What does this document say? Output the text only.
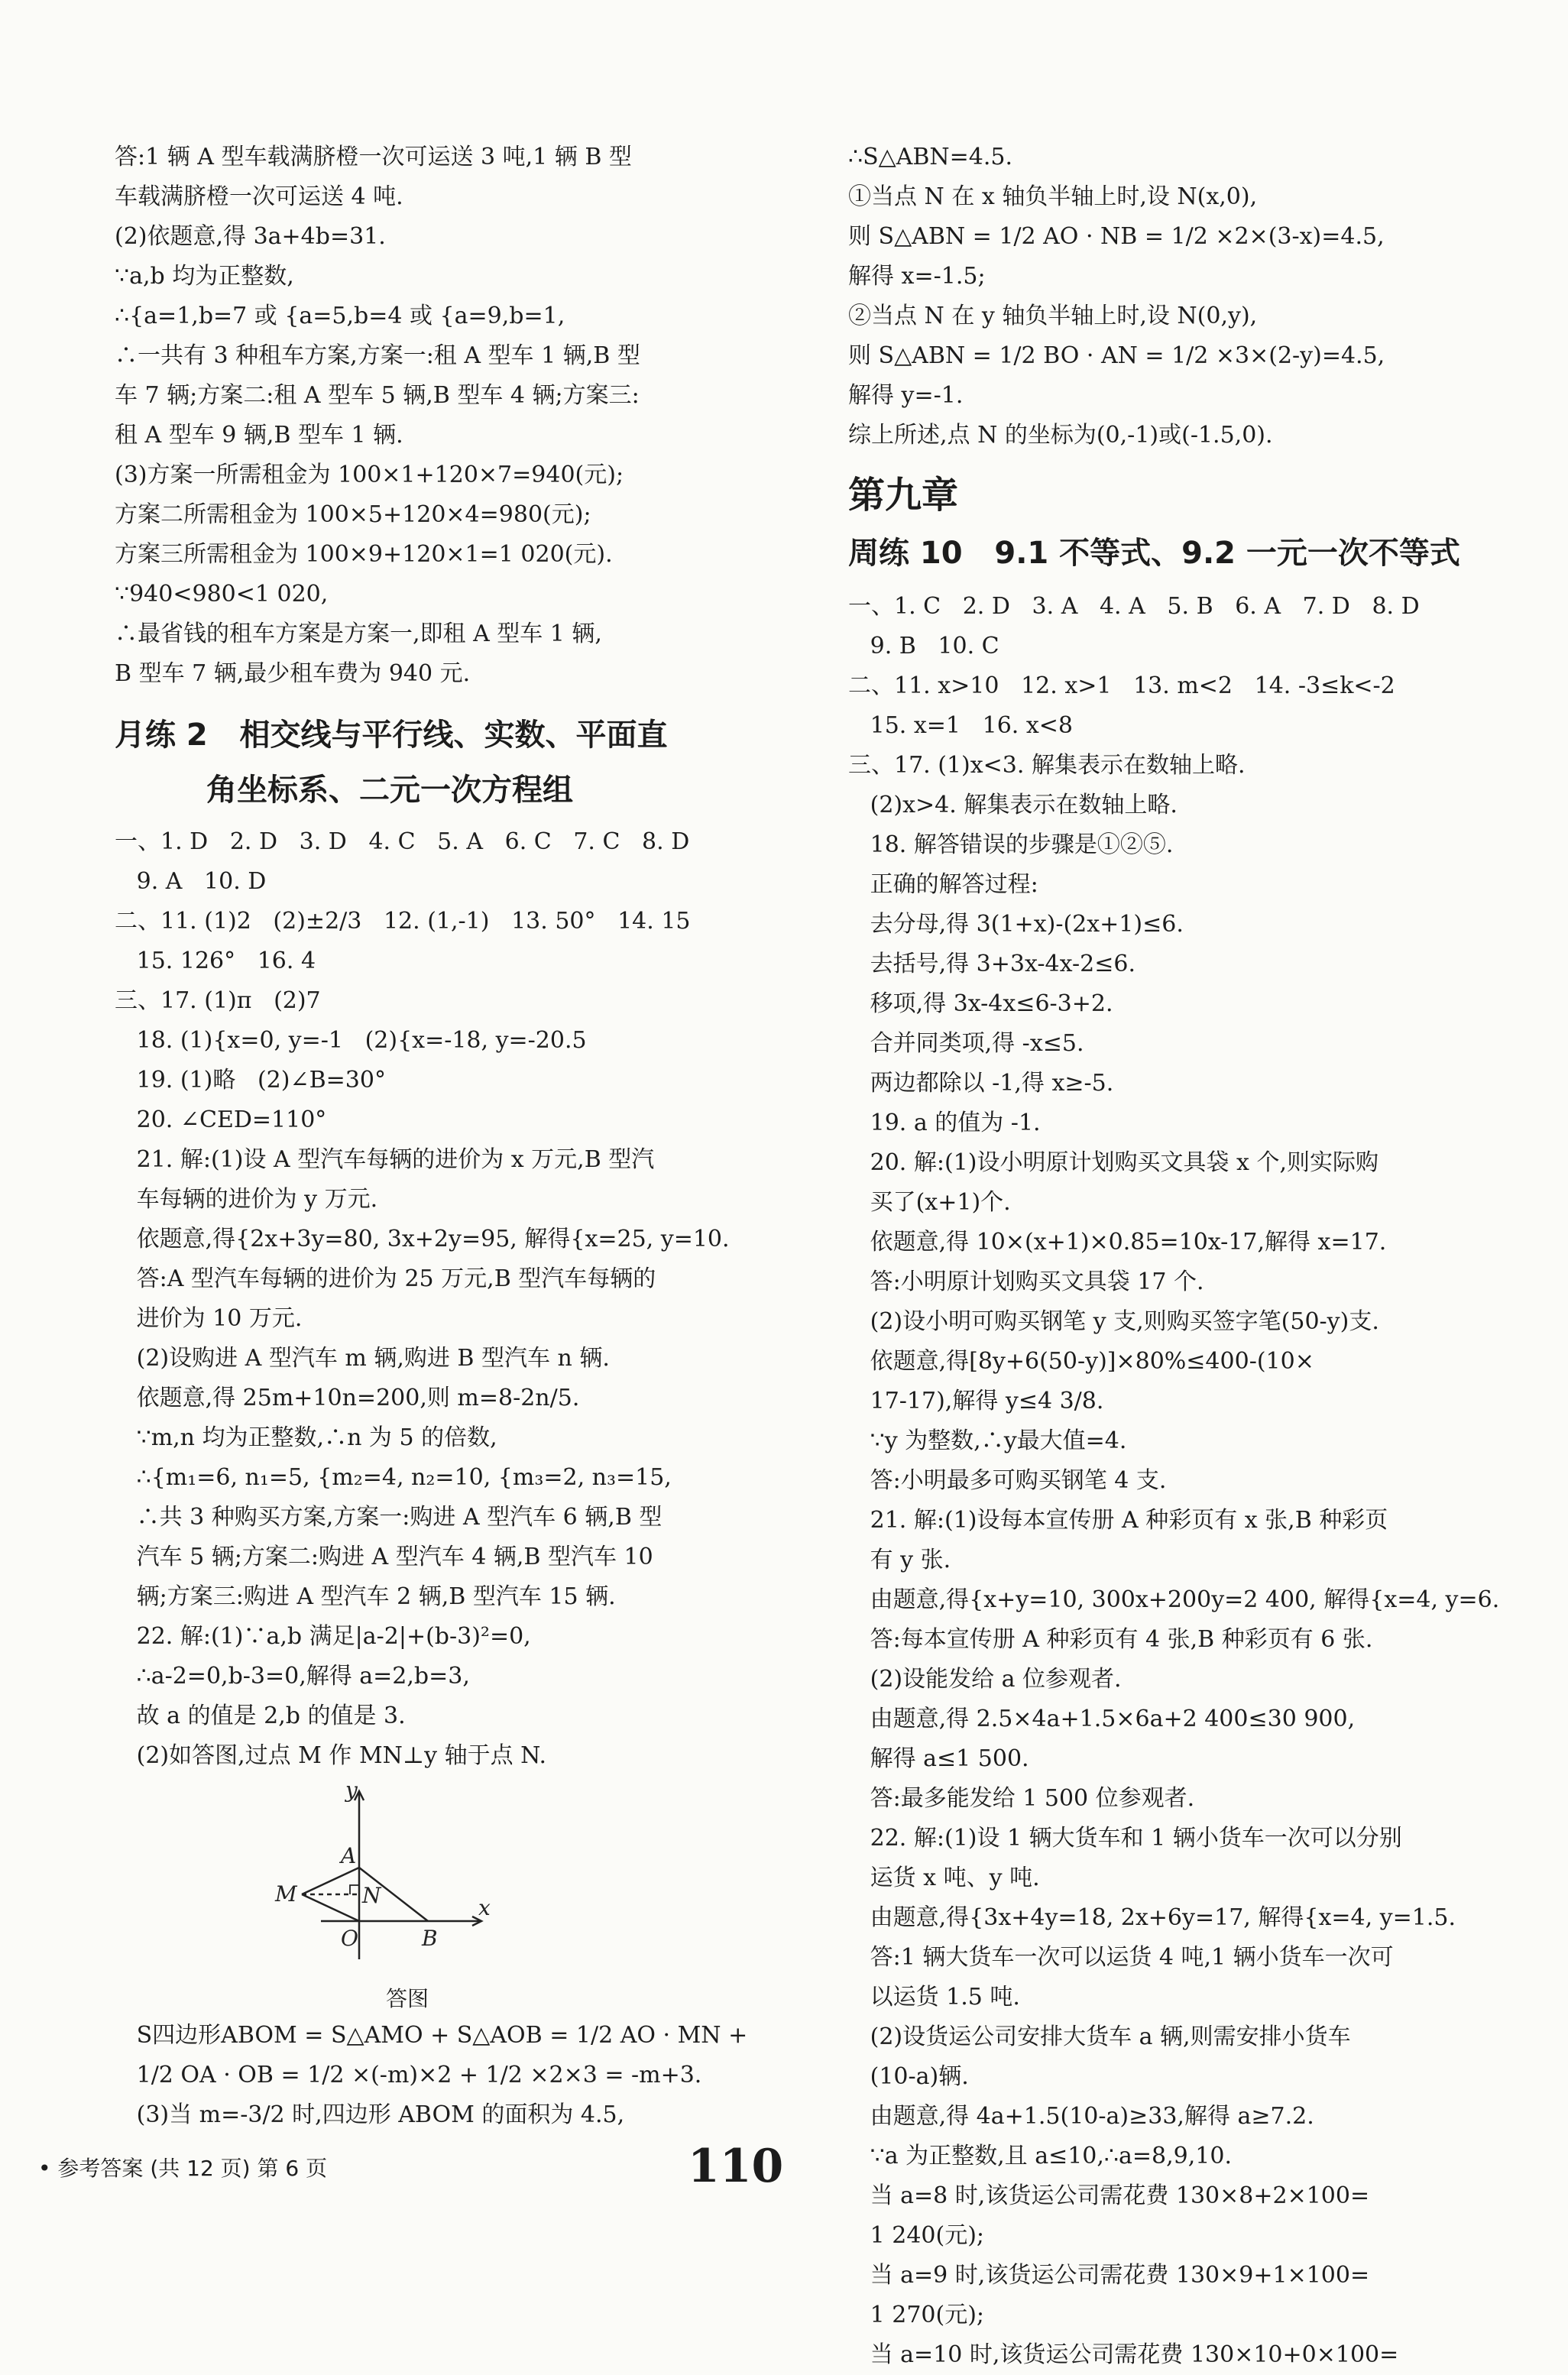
答:1 辆 A 型车载满脐橙一次可运送 3 吨,1 辆 B 型
车载满脐橙一次可运送 4 吨.
(2)依题意,得 3a+4b=31.
∵a,b 均为正整数,
∴{a=1,b=7 或 {a=5,b=4 或 {a=9,b=1,
∴一共有 3 种租车方案,方案一:租 A 型车 1 辆,B 型
车 7 辆;方案二:租 A 型车 5 辆,B 型车 4 辆;方案三:
租 A 型车 9 辆,B 型车 1 辆.
(3)方案一所需租金为 100×1+120×7=940(元);
方案二所需租金为 100×5+120×4=980(元);
方案三所需租金为 100×9+120×1=1 020(元).
∵940<980<1 020,
∴最省钱的租车方案是方案一,即租 A 型车 1 辆,
B 型车 7 辆,最少租车费为 940 元.
月练 2   相交线与平行线、实数、平面直
角坐标系、二元一次方程组
一、1. D   2. D   3. D   4. C   5. A   6. C   7. C   8. D
9. A   10. D
二、11. (1)2   (2)±2/3   12. (1,-1)   13. 50°   14. 15
15. 126°   16. 4
三、17. (1)π   (2)7
18. (1){x=0, y=-1   (2){x=-18, y=-20.5
19. (1)略   (2)∠B=30°
20. ∠CED=110°
21. 解:(1)设 A 型汽车每辆的进价为 x 万元,B 型汽
车每辆的进价为 y 万元.
依题意,得{2x+3y=80, 3x+2y=95, 解得{x=25, y=10.
答:A 型汽车每辆的进价为 25 万元,B 型汽车每辆的
进价为 10 万元.
(2)设购进 A 型汽车 m 辆,购进 B 型汽车 n 辆.
依题意,得 25m+10n=200,则 m=8-2n/5.
∵m,n 均为正整数,∴n 为 5 的倍数,
∴{m₁=6, n₁=5, {m₂=4, n₂=10, {m₃=2, n₃=15,
∴共 3 种购买方案,方案一:购进 A 型汽车 6 辆,B 型
汽车 5 辆;方案二:购进 A 型汽车 4 辆,B 型汽车 10
辆;方案三:购进 A 型汽车 2 辆,B 型汽车 15 辆.
22. 解:(1)∵a,b 满足|a-2|+(b-3)²=0,
∴a-2=0,b-3=0,解得 a=2,b=3,
故 a 的值是 2,b 的值是 3.
(2)如答图,过点 M 作 MN⊥y 轴于点 N.
y
A
M	N
O	B
x
答图
S四边形ABOM = S△AMO + S△AOB = 1/2 AO · MN +
1/2 OA · OB = 1/2 ×(-m)×2 + 1/2 ×2×3 = -m+3.
(3)当 m=-3/2 时,四边形 ABOM 的面积为 4.5,
∴S△ABN=4.5.
①当点 N 在 x 轴负半轴上时,设 N(x,0),
则 S△ABN = 1/2 AO · NB = 1/2 ×2×(3-x)=4.5,
解得 x=-1.5;
②当点 N 在 y 轴负半轴上时,设 N(0,y),
则 S△ABN = 1/2 BO · AN = 1/2 ×3×(2-y)=4.5,
解得 y=-1.
综上所述,点 N 的坐标为(0,-1)或(-1.5,0).
第九章
周练 10   9.1 不等式、9.2 一元一次不等式
一、1. C   2. D   3. A   4. A   5. B   6. A   7. D   8. D
9. B   10. C
二、11. x>10   12. x>1   13. m<2   14. -3≤k<-2
15. x=1   16. x<8
三、17. (1)x<3. 解集表示在数轴上略.
(2)x>4. 解集表示在数轴上略.
18. 解答错误的步骤是①②⑤.
正确的解答过程:
去分母,得 3(1+x)-(2x+1)≤6.
去括号,得 3+3x-4x-2≤6.
移项,得 3x-4x≤6-3+2.
合并同类项,得 -x≤5.
两边都除以 -1,得 x≥-5.
19. a 的值为 -1.
20. 解:(1)设小明原计划购买文具袋 x 个,则实际购
买了(x+1)个.
依题意,得 10×(x+1)×0.85=10x-17,解得 x=17.
答:小明原计划购买文具袋 17 个.
(2)设小明可购买钢笔 y 支,则购买签字笔(50-y)支.
依题意,得[8y+6(50-y)]×80%≤400-(10×
17-17),解得 y≤4 3/8.
∵y 为整数,∴y最大值=4.
答:小明最多可购买钢笔 4 支.
21. 解:(1)设每本宣传册 A 种彩页有 x 张,B 种彩页
有 y 张.
由题意,得{x+y=10, 300x+200y=2 400, 解得{x=4, y=6.
答:每本宣传册 A 种彩页有 4 张,B 种彩页有 6 张.
(2)设能发给 a 位参观者.
由题意,得 2.5×4a+1.5×6a+2 400≤30 900,
解得 a≤1 500.
答:最多能发给 1 500 位参观者.
22. 解:(1)设 1 辆大货车和 1 辆小货车一次可以分别
运货 x 吨、y 吨.
由题意,得{3x+4y=18, 2x+6y=17, 解得{x=4, y=1.5.
答:1 辆大货车一次可以运货 4 吨,1 辆小货车一次可
以运货 1.5 吨.
(2)设货运公司安排大货车 a 辆,则需安排小货车
(10-a)辆.
由题意,得 4a+1.5(10-a)≥33,解得 a≥7.2.
∵a 为正整数,且 a≤10,∴a=8,9,10.
当 a=8 时,该货运公司需花费 130×8+2×100=
1 240(元);
当 a=9 时,该货运公司需花费 130×9+1×100=
1 270(元);
当 a=10 时,该货运公司需花费 130×10+0×100=
• 参考答案 (共 12 页) 第 6 页	110
